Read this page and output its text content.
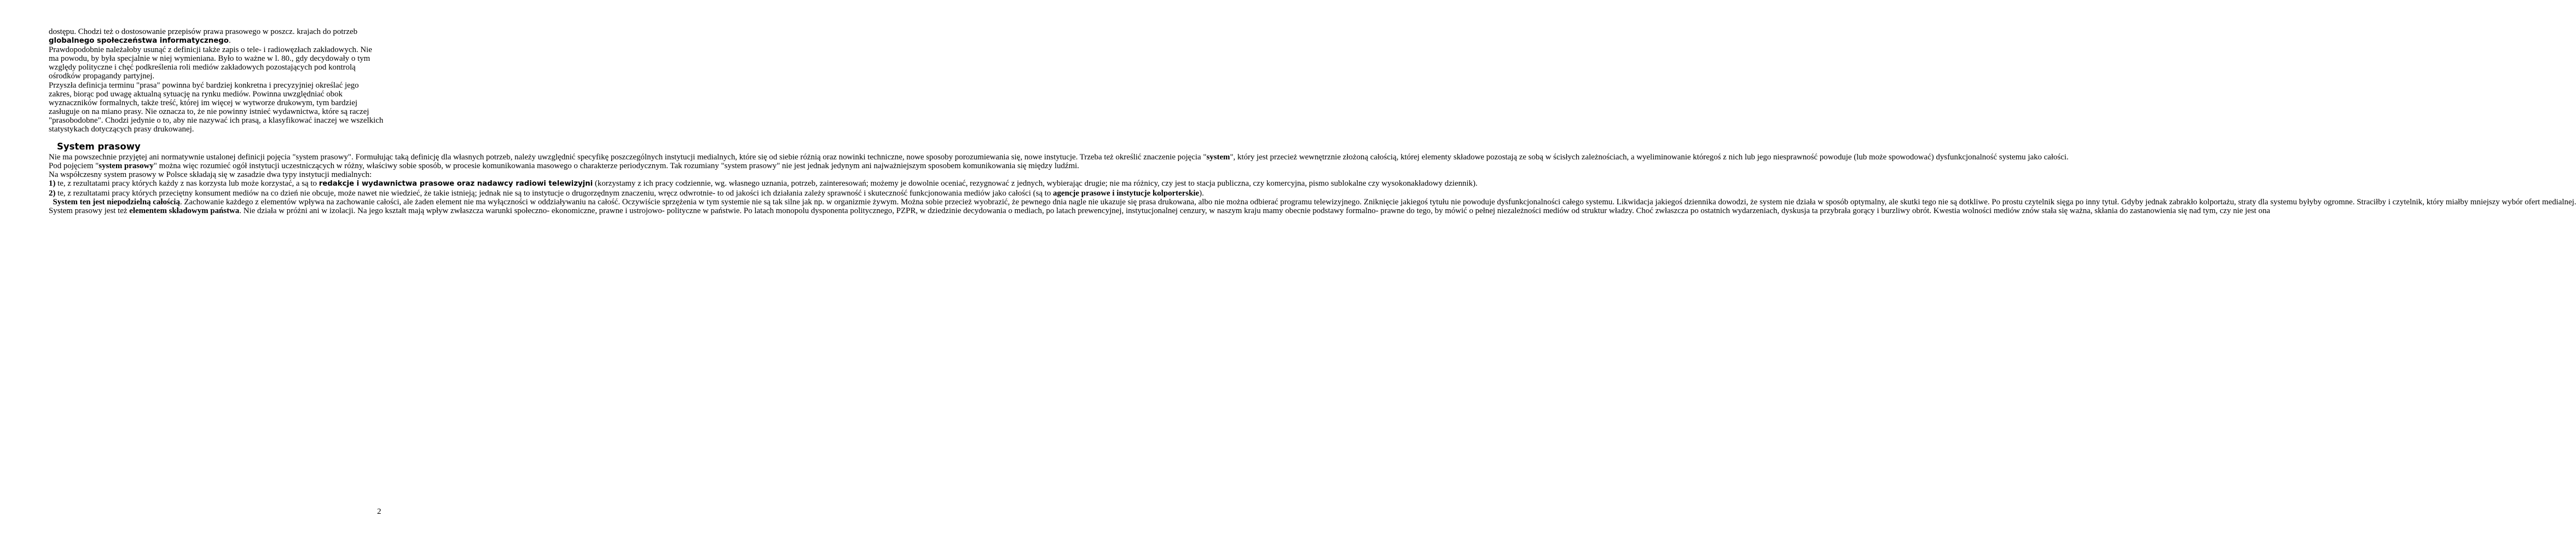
dostępu. Chodzi też o dostosowanie przepisów prawa prasowego w poszcz. krajach do potrzeb
globalnego społeczeństwa informatycznego.
Prawdopodobnie należałoby usunąć z definicji także zapis o tele- i radiowęzłach zakładowych. Nie ma powodu, by była specjalnie w niej wymieniana. Było to ważne w l. 80., gdy decydowały o tym względy polityczne i chęć podkreślenia roli mediów zakładowych pozostających pod kontrolą ośrodków propagandy partyjnej.
Przyszła definicja terminu "prasa" powinna być bardziej konkretna i precyzyjniej określać jego zakres, biorąc pod uwagę aktualną sytuację na rynku mediów. Powinna uwzględniać obok wyznaczników formalnych, także treść, której im więcej w wytworze drukowym, tym bardziej zasługuje on na miano prasy. Nie oznacza to, że nie powinny istnieć wydawnictwa, które są raczej "prasobodobne". Chodzi jedynie o to, aby nie nazywać ich prasą, a klasyfikować inaczej we wszelkich statystykach dotyczących prasy drukowanej.
System prasowy
Nie ma powszechnie przyjętej ani normatywnie ustalonej definicji pojęcia "system prasowy". Formułując taką definicję dla własnych potrzeb, należy uwzględnić specyfikę poszczególnych instytucji medialnych, które się od siebie różnią oraz nowinki techniczne, nowe sposoby porozumiewania się, nowe instytucje. Trzeba też określić znaczenie pojęcia "system", który jest przecież wewnętrznie złożoną całością, której elementy składowe pozostają ze sobą w ścisłych zależnościach, a wyeliminowanie któregoś z nich lub jego niesprawność powoduje (lub może spowodować) dysfunkcjonalność systemu jako całości.
Pod pojęciem "system prasowy" można więc rozumieć ogół instytucji uczestniczących w różny, właściwy sobie sposób, w procesie komunikowania masowego o charakterze periodycznym. Tak rozumiany "system prasowy" nie jest jednak jedynym ani najważniejszym sposobem komunikowania się między ludźmi.
Na współczesny system prasowy w Polsce składają się w zasadzie dwa typy instytucji medialnych:
1) te, z rezultatami pracy których każdy z nas korzysta lub może korzystać, a są to redakcje i wydawnictwa prasowe oraz nadawcy radiowi telewizyjni (korzystamy z ich pracy codziennie, wg. własnego uznania, potrzeb, zainteresowań; możemy je dowolnie oceniać, rezygnować z jednych, wybierając drugie; nie ma różnicy, czy jest to stacja publiczna, czy komercyjna, pismo sublokalne czy wysokonakładowy dziennik).
2) te, z rezultatami pracy których przeciętny konsument mediów na co dzień nie obcuje, może nawet nie wiedzieć, że takie istnieją; jednak nie są to instytucje o drugorzędnym znaczeniu, wręcz odwrotnie- to od jakości ich działania zależy sprawność i skuteczność funkcjonowania mediów jako całości (są to agencje prasowe i instytucje kolporterskie).
System ten jest niepodzielną całością. Zachowanie każdego z elementów wpływa na zachowanie całości, ale żaden element nie ma wyłączności w oddziaływaniu na całość. Oczywiście sprzężenia w tym systemie nie są tak silne jak np. w organizmie żywym. Można sobie przecież wyobrazić, że pewnego dnia nagle nie ukazuje się prasa drukowana, albo nie można odbierać programu telewizyjnego. Zniknięcie jakiegoś tytułu nie powoduje dysfunkcjonalności całego systemu. Likwidacja jakiegoś dziennika dowodzi, że system nie działa w sposób optymalny, ale skutki tego nie są dotkliwe. Po prostu czytelnik sięga po inny tytuł. Gdyby jednak zabrakło kolportażu, straty dla systemu byłyby ogromne. Straciłby i czytelnik, który miałby mniejszy wybór ofert medialnej.
System prasowy jest też elementem składowym państwa. Nie działa w próżni ani w izolacji. Na jego kształt mają wpływ zwłaszcza warunki społeczno- ekonomiczne, prawne i ustrojowo- polityczne w państwie. Po latach monopolu dysponenta politycznego, PZPR, w dziedzinie decydowania o mediach, po latach prewencyjnej, instytucjonalnej cenzury, w naszym kraju mamy obecnie podstawy formalno- prawne do tego, by mówić o pełnej niezależności mediów od struktur władzy. Choć zwłaszcza po ostatnich wydarzeniach, dyskusja ta przybrała gorący i burzliwy obrót. Kwestia wolności mediów znów stała się ważna, skłania do zastanowienia się nad tym, czy nie jest ona
2
